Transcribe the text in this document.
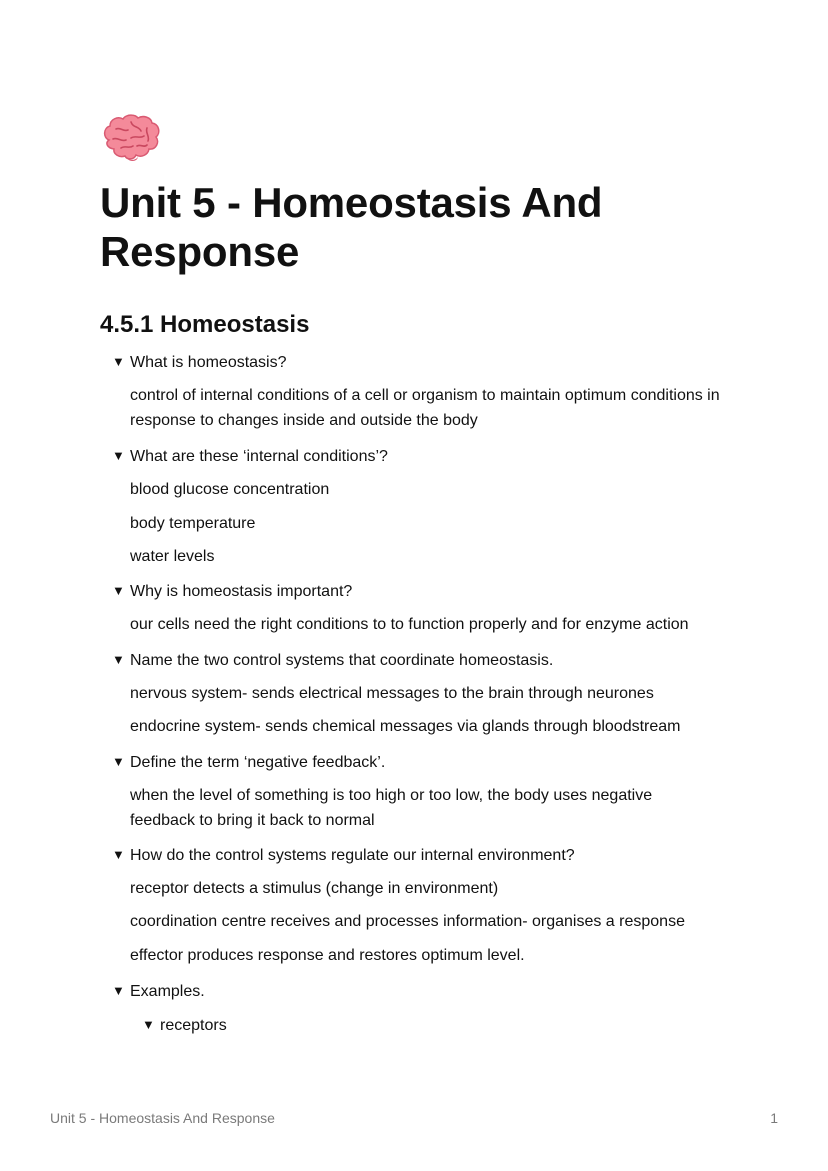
Unit 5 - Homeostasis And Response
4.5.1 Homeostasis
▼ What is homeostasis?
control of internal conditions of a cell or organism to maintain optimum conditions in response to changes inside and outside the body
▼ What are these ‘internal conditions’?
blood glucose concentration
body temperature
water levels
▼ Why is homeostasis important?
our cells need the right conditions to to function properly and for enzyme action
▼ Name the two control systems that coordinate homeostasis.
nervous system- sends electrical messages to the brain through neurones
endocrine system- sends chemical messages via glands through bloodstream
▼ Define the term ‘negative feedback’.
when the level of something is too high or too low, the body uses negative feedback to bring it back to normal
▼ How do the control systems regulate our internal environment?
receptor detects a stimulus (change in environment)
coordination centre receives and processes information- organises a response
effector produces response and restores optimum level.
▼ Examples.
▼ receptors
Unit 5 - Homeostasis And Response	1
